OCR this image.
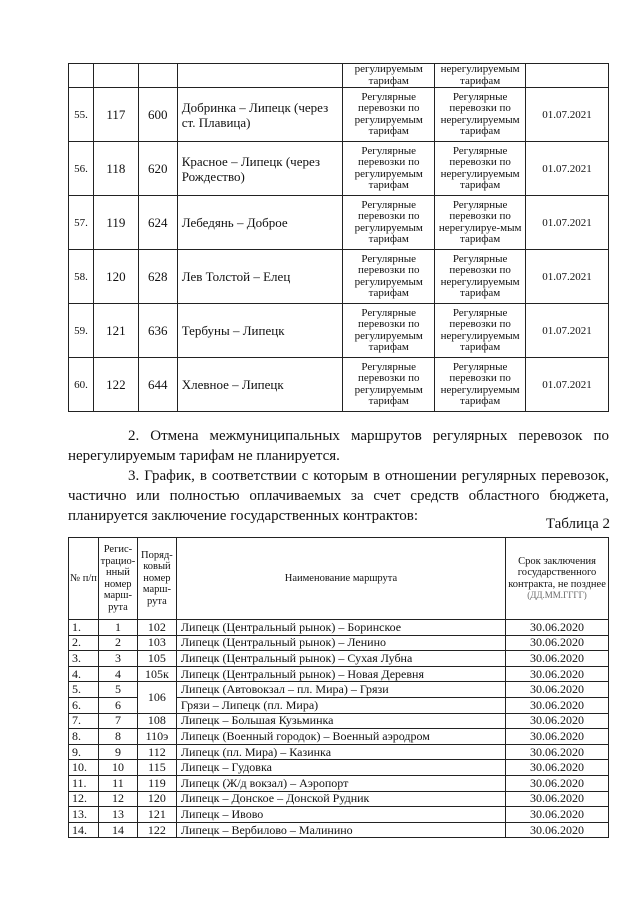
				регулируемым тарифам	нерегулируемым тарифам	
55.	117	600	Добринка – Липецк (через ст. Плавица)	Регулярные перевозки по регулируемым тарифам	Регулярные перевозки по нерегулируемым тарифам	01.07.2021
56.	118	620	Красное – Липецк (через Рождество)	Регулярные перевозки по регулируемым тарифам	Регулярные перевозки по нерегулируемым тарифам	01.07.2021
57.	119	624	Лебедянь – Доброе	Регулярные перевозки по регулируемым тарифам	Регулярные перевозки по нерегулируе-мым тарифам	01.07.2021
58.	120	628	Лев Толстой – Елец	Регулярные перевозки по регулируемым тарифам	Регулярные перевозки по нерегулируемым тарифам	01.07.2021
59.	121	636	Тербуны – Липецк	Регулярные перевозки по регулируемым тарифам	Регулярные перевозки по нерегулируемым тарифам	01.07.2021
60.	122	644	Хлевное – Липецк	Регулярные перевозки по регулируемым тарифам	Регулярные перевозки по нерегулируемым тарифам	01.07.2021

2. Отмена межмуниципальных маршрутов регулярных перевозок по нерегулируемым тарифам не планируется.

3. График, в соответствии с которым в отношении регулярных перевозок, частично или полностью оплачиваемых за счет средств областного бюджета, планируется заключение государственных контрактов:	Таблица 2
№ п/п	Регис-трацио-нный номер марш-рута	Поряд-ковый номер марш-рута	Наименование маршрута	Срок заключения государственного контракта, не позднее
(ДД.ММ.ГГГГ)

1.	1	102	Липецк (Центральный рынок) – Боринское	30.06.2020
2.	2	103	Липецк (Центральный рынок) – Ленино	30.06.2020
3.	3	105	Липецк (Центральный рынок) – Сухая Лубна	30.06.2020
4.	4	105к	Липецк (Центральный рынок) – Новая Деревня	30.06.2020
5.	5	106	Липецк (Автовокзал – пл. Мира) – Грязи	30.06.2020
6.	6		Грязи – Липецк (пл. Мира)	30.06.2020
7.	7	108	Липецк – Большая Кузьминка	30.06.2020
8.	8	110э	Липецк (Военный городок) – Военный аэродром	30.06.2020
9.	9	112	Липецк (пл. Мира) – Казинка	30.06.2020
10.	10	115	Липецк – Гудовка	30.06.2020
11.	11	119	Липецк (Ж/д вокзал) – Аэропорт	30.06.2020
12.	12	120	Липецк – Донское – Донской Рудник	30.06.2020
13.	13	121	Липецк – Ивово	30.06.2020
14.	14	122	Липецк – Вербилово – Малинино	30.06.2020
